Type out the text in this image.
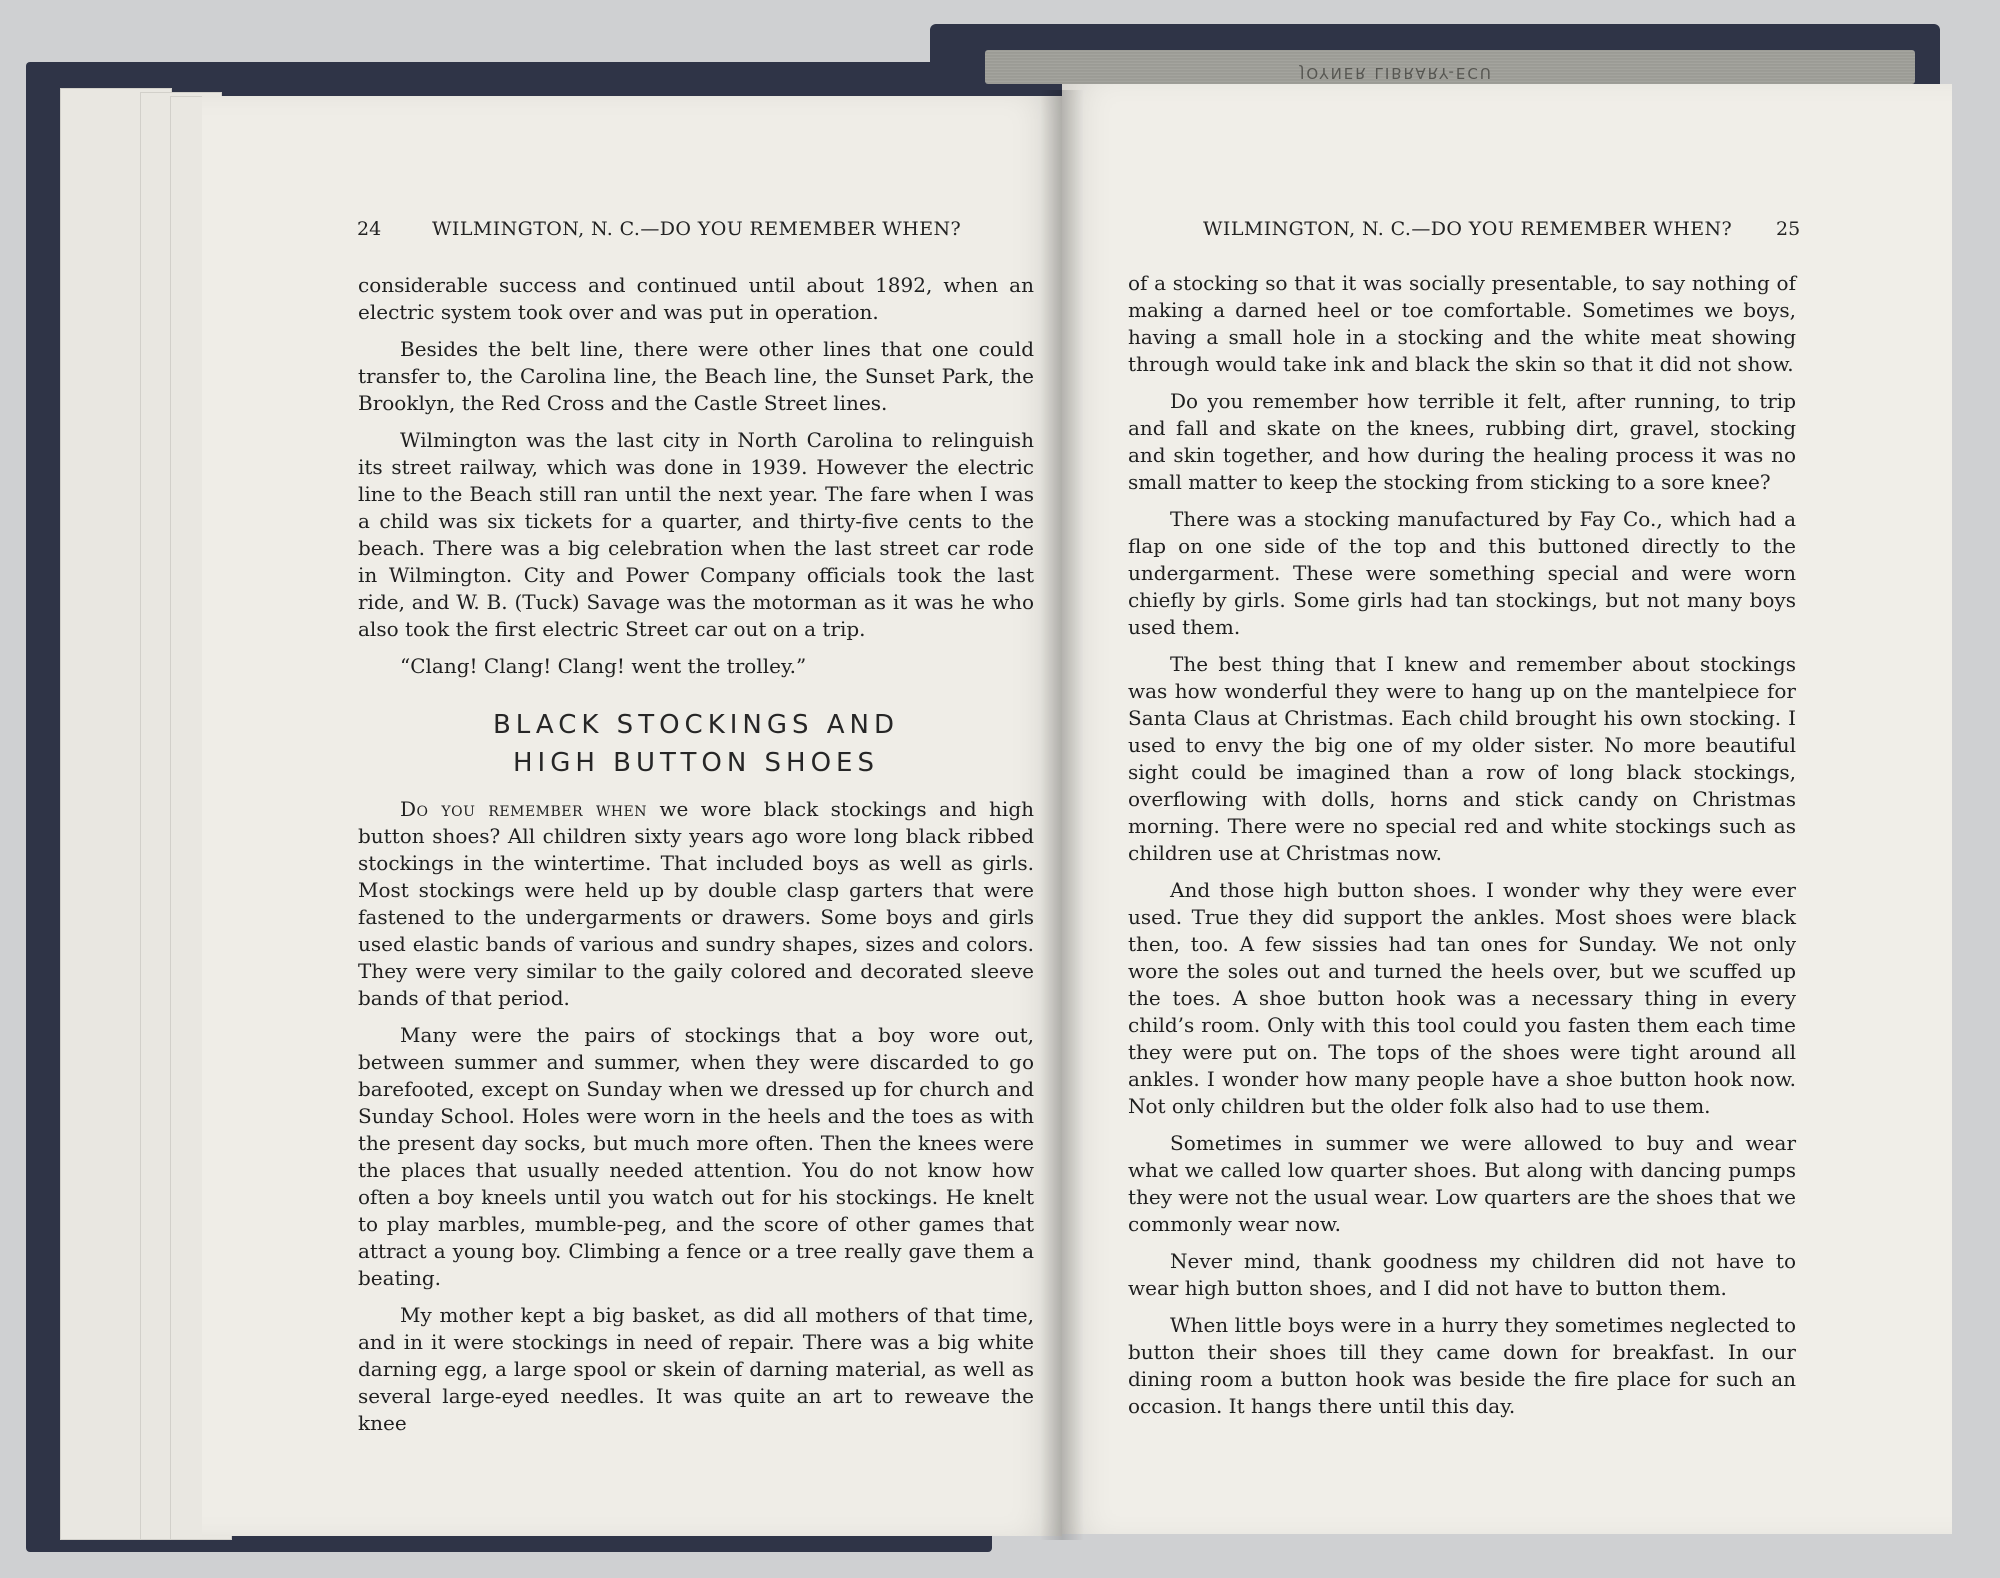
JOYNER LIBRARY-ECU
24	WILMINGTON, N. C.—DO YOU REMEMBER WHEN?

considerable success and continued until about 1892, when an electric system took over and was put in operation.

Besides the belt line, there were other lines that one could transfer to, the Carolina line, the Beach line, the Sunset Park, the Brooklyn, the Red Cross and the Castle Street lines.

Wilmington was the last city in North Carolina to relinguish its street railway, which was done in 1939. However the electric line to the Beach still ran until the next year. The fare when I was a child was six tickets for a quarter, and thirty-five cents to the beach. There was a big celebration when the last street car rode in Wilmington. City and Power Company officials took the last ride, and W. B. (Tuck) Savage was the motorman as it was he who also took the first electric Street car out on a trip.

“Clang! Clang! Clang! went the trolley.”

BLACK STOCKINGS AND
HIGH BUTTON SHOES

Do you remember when we wore black stockings and high button shoes? All children sixty years ago wore long black ribbed stockings in the wintertime. That included boys as well as girls. Most stockings were held up by double clasp garters that were fastened to the undergarments or drawers. Some boys and girls used elastic bands of various and sundry shapes, sizes and colors. They were very similar to the gaily colored and decorated sleeve bands of that period.

Many were the pairs of stockings that a boy wore out, between summer and summer, when they were discarded to go barefooted, except on Sunday when we dressed up for church and Sunday School. Holes were worn in the heels and the toes as with the present day socks, but much more often. Then the knees were the places that usually needed attention. You do not know how often a boy kneels until you watch out for his stockings. He knelt to play marbles, mumble-peg, and the score of other games that attract a young boy. Climbing a fence or a tree really gave them a beating.

My mother kept a big basket, as did all mothers of that time, and in it were stockings in need of repair. There was a big white darning egg, a large spool or skein of darning material, as well as several large-eyed needles. It was quite an art to reweave the knee

WILMINGTON, N. C.—DO YOU REMEMBER WHEN? 25

of a stocking so that it was socially presentable, to say nothing of making a darned heel or toe comfortable. Sometimes we boys, having a small hole in a stocking and the white meat showing through would take ink and black the skin so that it did not show.

Do you remember how terrible it felt, after running, to trip and fall and skate on the knees, rubbing dirt, gravel, stocking and skin together, and how during the healing process it was no small matter to keep the stocking from sticking to a sore knee?

There was a stocking manufactured by Fay Co., which had a flap on one side of the top and this buttoned directly to the undergarment. These were something special and were worn chiefly by girls. Some girls had tan stockings, but not many boys used them.

The best thing that I knew and remember about stockings was how wonderful they were to hang up on the mantelpiece for Santa Claus at Christmas. Each child brought his own stocking. I used to envy the big one of my older sister. No more beautiful sight could be imagined than a row of long black stockings, overflowing with dolls, horns and stick candy on Christmas morning. There were no special red and white stockings such as children use at Christmas now.

And those high button shoes. I wonder why they were ever used. True they did support the ankles. Most shoes were black then, too. A few sissies had tan ones for Sunday. We not only wore the soles out and turned the heels over, but we scuffed up the toes. A shoe button hook was a necessary thing in every child’s room. Only with this tool could you fasten them each time they were put on. The tops of the shoes were tight around all ankles. I wonder how many people have a shoe button hook now. Not only children but the older folk also had to use them.

Sometimes in summer we were allowed to buy and wear what we called low quarter shoes. But along with dancing pumps they were not the usual wear. Low quarters are the shoes that we commonly wear now.

Never mind, thank goodness my children did not have to wear high button shoes, and I did not have to button them.

When little boys were in a hurry they sometimes neglected to button their shoes till they came down for breakfast. In our dining room a button hook was beside the fire place for such an occasion. It hangs there until this day.
